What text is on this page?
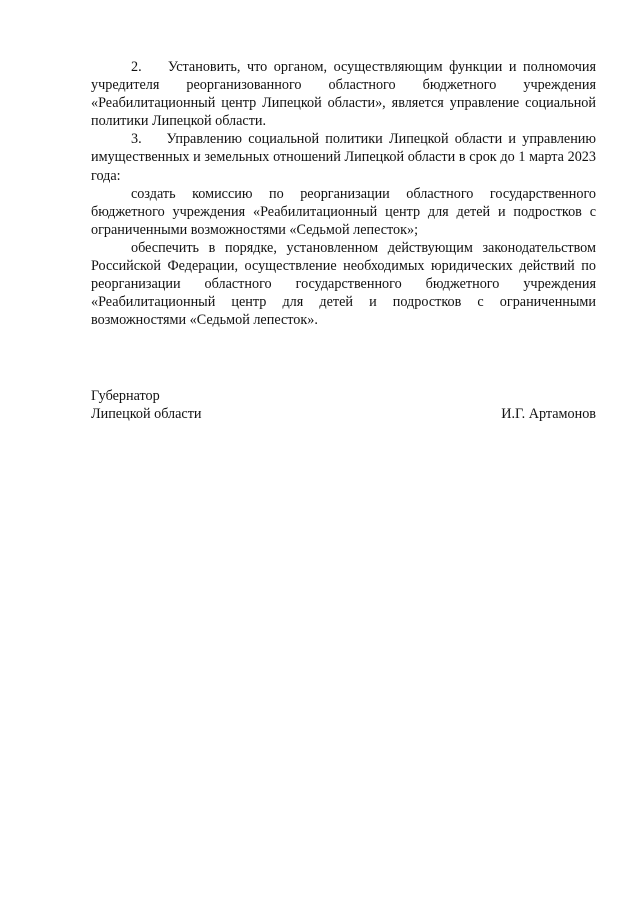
2.    Установить, что органом, осуществляющим функции и полномочия учредителя реорганизованного областного бюджетного учреждения «Реабилитационный центр Липецкой области», является управление социальной политики Липецкой области.

3.    Управлению социальной политики Липецкой области и управлению имущественных и земельных отношений Липецкой области в срок до 1 марта 2023 года:

создать комиссию по реорганизации областного государственного бюджетного учреждения «Реабилитационный центр для детей и подростков с ограниченными возможностями «Седьмой лепесток»;

обеспечить в порядке, установленном действующим законодательством Российской Федерации, осуществление необходимых юридических действий по реорганизации областного государственного бюджетного учреждения «Реабилитационный центр для детей и подростков с ограниченными возможностями «Седьмой лепесток».

Губернатор
Липецкой области	И.Г. Артамонов
